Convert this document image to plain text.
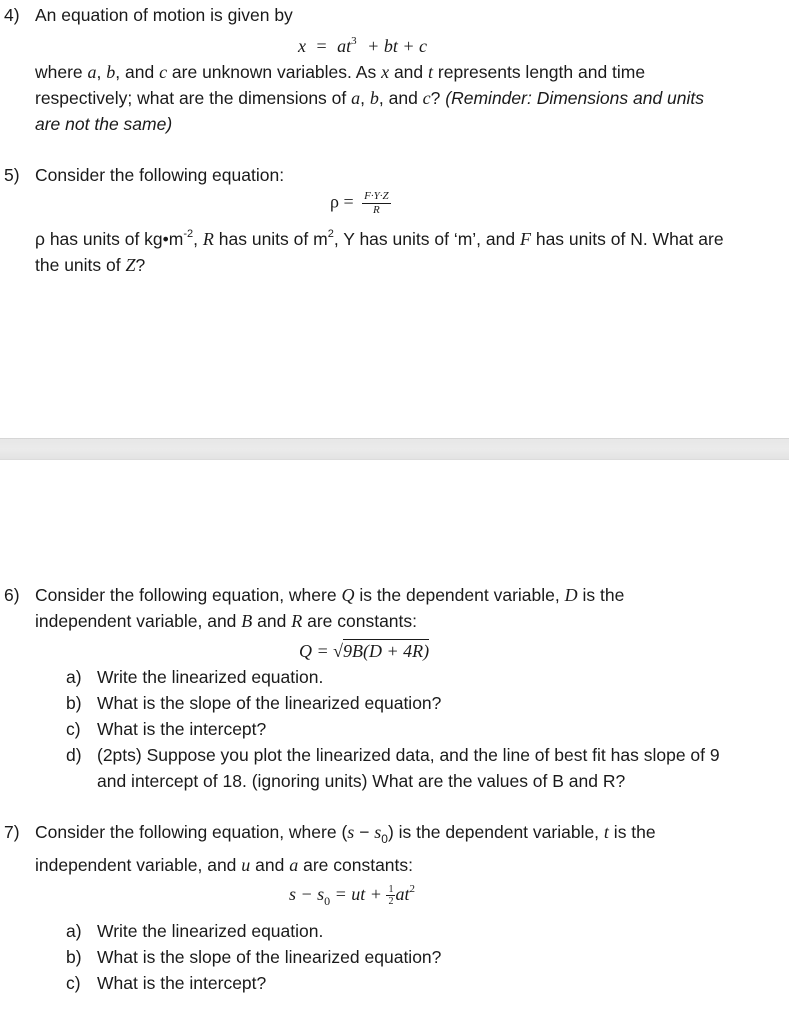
4) An equation of motion is given by
$x = at^3$ + bt + c
where a, b, and c are unknown variables. As x and t represents length and time
respectively; what are the dimensions of a, b, and c? (Reminder: Dimensions and units
are not the same)
5) Consider the following equation:
$\rho = \frac{F\cdot Y\cdot Z}{R}$
ρ has units of $kg•m^{-2}$, R has units of $m^2$, Y has units of ‘m’, and F has units of N. What are
the units of Z?
6) Consider the following equation, where Q is the dependent variable, D is the
independent variable, and B and R are constants:
Q = √9B(D + 4R)
a) Write the linearized equation.
b) What is the slope of the linearized equation?
c) What is the intercept?
d) (2pts) Suppose you plot the linearized data, and the line of best fit has slope of 9
and intercept of 18. (ignoring units) What are the values of B and R?
7) Consider the following equation, where $(s - s_0)$ is the dependent variable, t is the
independent variable, and u and a are constants:
$s - s_0$ = ut + $\frac{1}{2} at^2$
a) Write the linearized equation.
b) What is the slope of the linearized equation?
c) What is the intercept?
